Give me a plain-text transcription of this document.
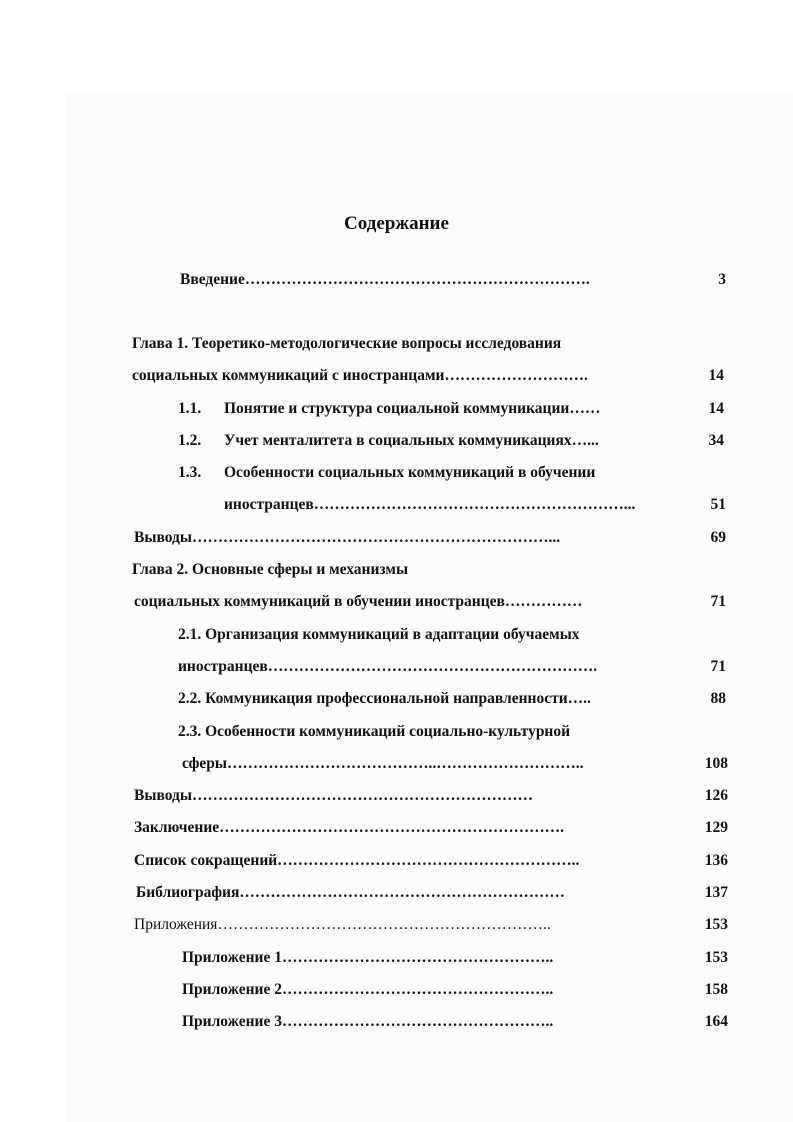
Содержание
Введение………………………………………………………….	3
Глава 1. Теоретико-методологические вопросы исследования
социальных коммуникаций с иностранцами……………………….	14
1.1. Понятие и структура социальной коммуникации……	14
1.2. Учет менталитета в социальных коммуникациях…...	34
1.3. Особенности социальных коммуникаций в обучении
иностранцев……………………………………………………...	51
Выводы……………………………………………………………...	69
Глава 2. Основные сферы и механизмы
социальных коммуникаций в обучении иностранцев……………	71
2.1. Организация коммуникаций в адаптации обучаемых
иностранцев……………………………………………………….	71
2.2. Коммуникация профессиональной направленности…..	88
2.3. Особенности коммуникаций социально-культурной
сферы…………………………………..………………………..	108
Выводы…………………………………………………………	126
Заключение………………………………………………………….	129
Список сокращений…………………………………………………..	136
Библиография………………………………………………………	137
Приложения………………………………………………………..	153
Приложение 1……………………………………………..	153
Приложение 2……………………………………………..	158
Приложение 3……………………………………………..	164
